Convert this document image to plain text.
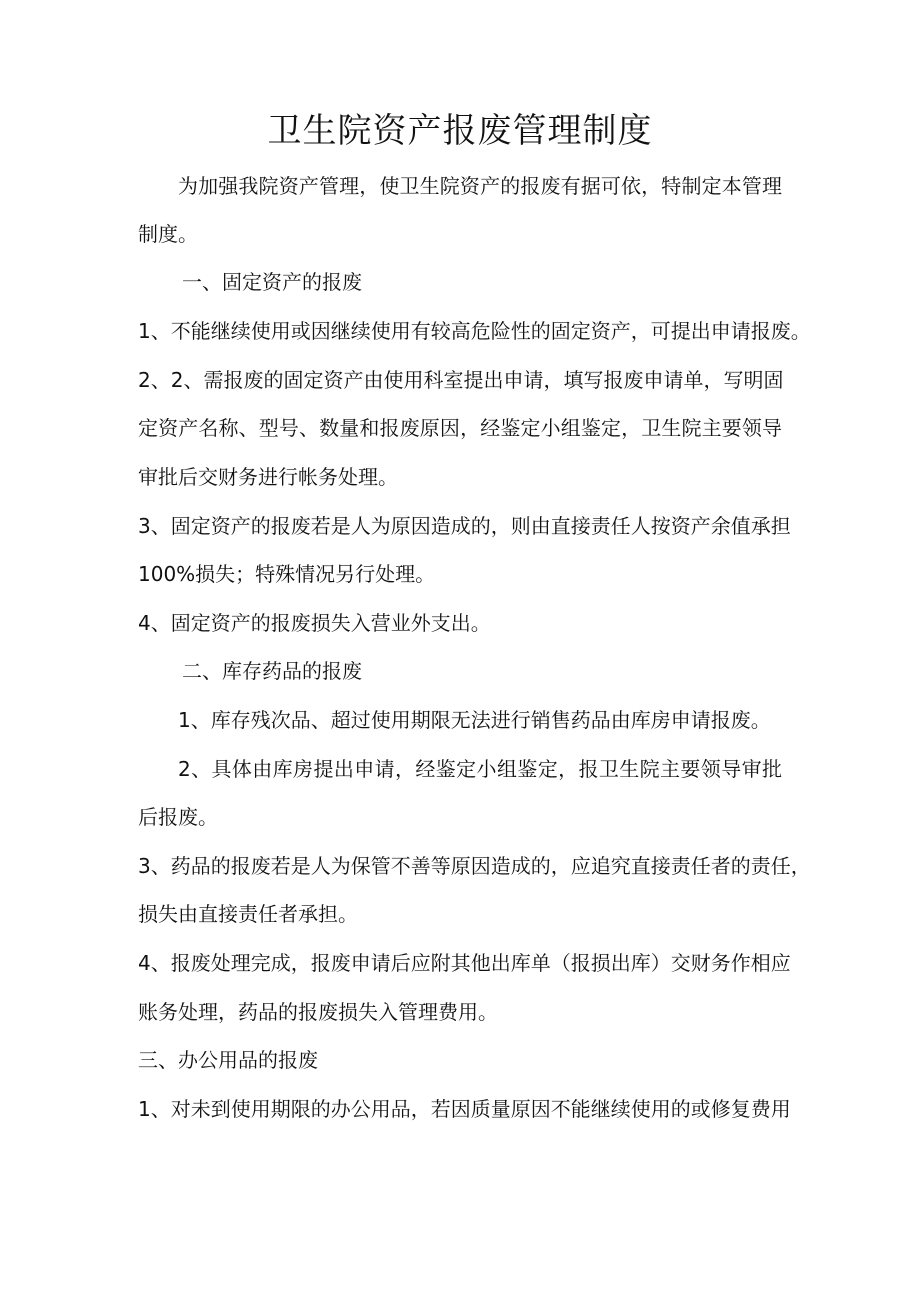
卫生院资产报废管理制度
为加强我院资产管理，使卫生院资产的报废有据可依，特制定本管理
制度。
一、固定资产的报废
1、不能继续使用或因继续使用有较高危险性的固定资产，可提出申请报废。
2、2、需报废的固定资产由使用科室提出申请，填写报废申请单，写明固
定资产名称、型号、数量和报废原因，经鉴定小组鉴定，卫生院主要领导
审批后交财务进行帐务处理。
3、固定资产的报废若是人为原因造成的，则由直接责任人按资产余值承担
100%损失；特殊情况另行处理。
4、固定资产的报废损失入营业外支出。
二、库存药品的报废
1、库存残次品、超过使用期限无法进行销售药品由库房申请报废。
2、具体由库房提出申请，经鉴定小组鉴定，报卫生院主要领导审批
后报废。
3、药品的报废若是人为保管不善等原因造成的，应追究直接责任者的责任，
损失由直接责任者承担。
4、报废处理完成，报废申请后应附其他出库单（报损出库）交财务作相应
账务处理，药品的报废损失入管理费用。
三、办公用品的报废
1、对未到使用期限的办公用品，若因质量原因不能继续使用的或修复费用
